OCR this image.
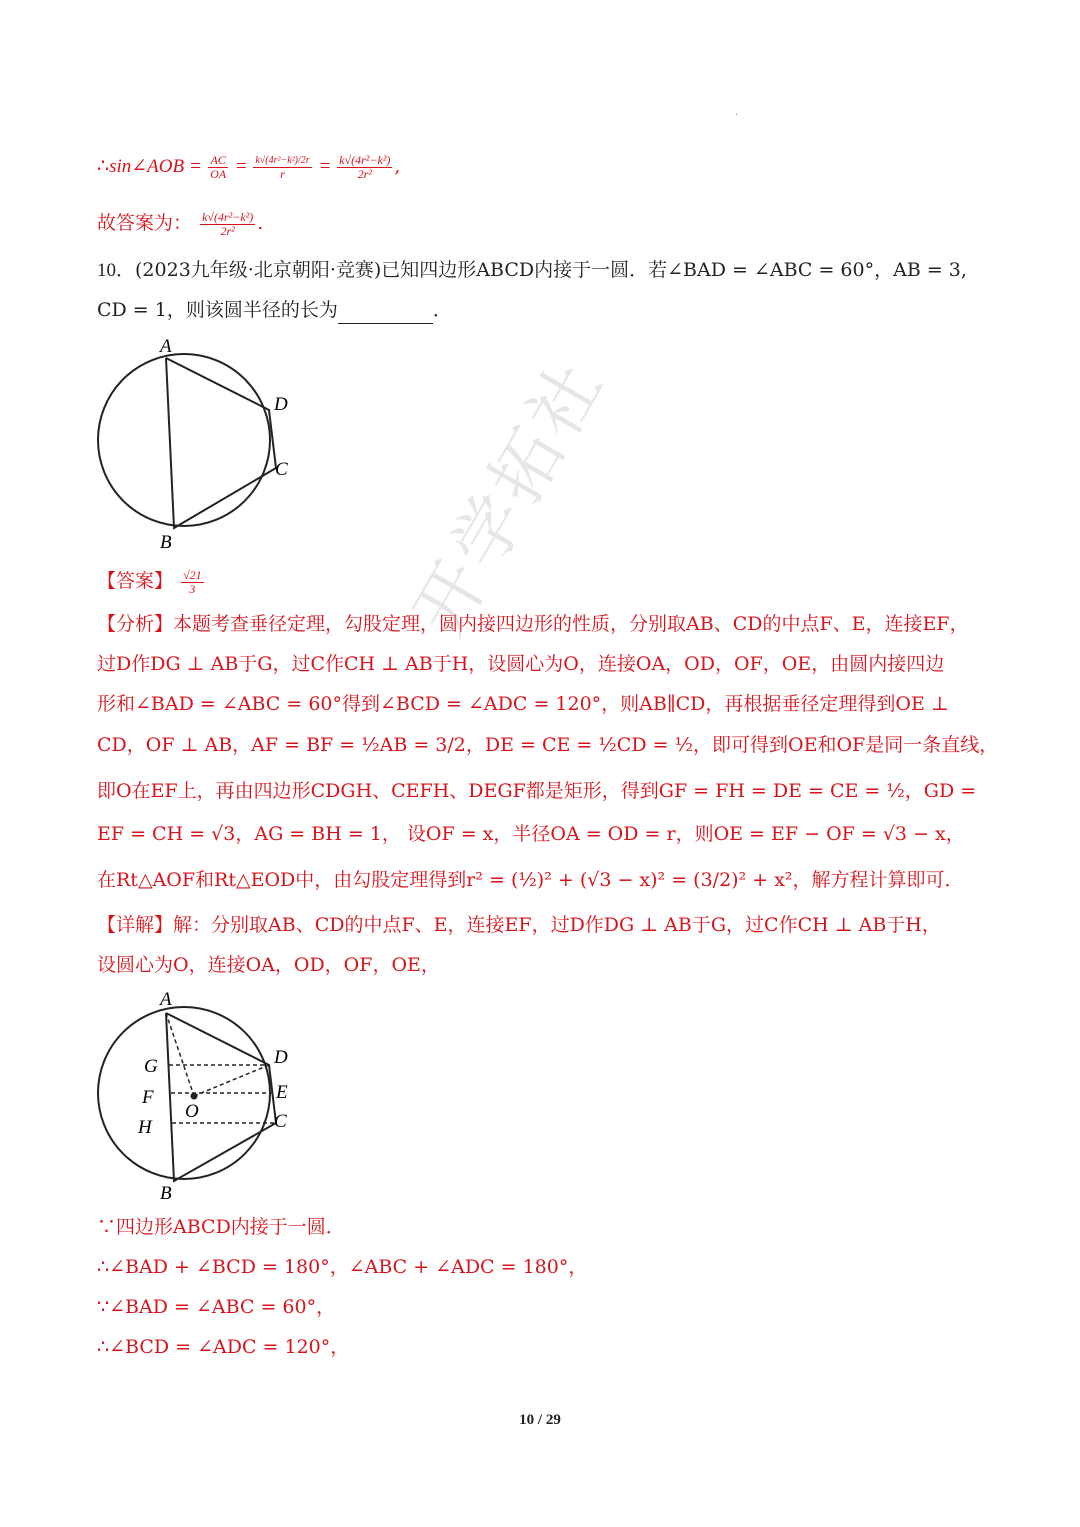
·
∴sin∠AOB = $\frac{AC}{OA} = \frac{\text{k√(4r²−k²)/2r}}{r} = \frac{\text{k√(4r²−k²)}}{\text{2r²}}$ ,
故答案为： $\frac{\text{k√(4r²−k²)}}{\text{2r²}}$ .
10．(2023九年级·北京朝阳·竞赛)已知四边形ABCD内接于一圆．若∠BAD = ∠ABC = 60°，AB = 3,
CD = 1，则该圆半径的长为	．
A
D
C
B
【答案】 $\frac{√21}{3}$
【分析】本题考查垂径定理，勾股定理，圆内接四边形的性质，分别取AB、CD的中点F、E，连接EF，
过D作DG ⊥ AB于G，过C作CH ⊥ AB于H，设圆心为O，连接OA，OD，OF，OE，由圆内接四边
形和∠BAD = ∠ABC = 60°得到∠BCD = ∠ADC = 120°，则AB∥CD，再根据垂径定理得到OE ⊥
CD，OF ⊥ AB，AF = BF = ½AB = 3/2，DE = CE = ½CD = ½，即可得到OE和OF是同一条直线，
即O在EF上，再由四边形CDGH、CEFH、DEGF都是矩形，得到GF = FH = DE = CE = ½，GD =
EF = CH = √3，AG = BH = 1， 设OF = x，半径OA = OD = r，则OE = EF − OF = √3 − x，
在Rt△AOF和Rt△EOD中，由勾股定理得到r² = (½)² + (√3 − x)² = (3/2)² + x²，解方程计算即可．
【详解】解：分别取AB、CD的中点F、E，连接EF，过D作DG ⊥ AB于G，过C作CH ⊥ AB于H，
设圆心为O，连接OA，OD，OF，OE，
A
D
E
C
B
G
F
H
O
∵四边形ABCD内接于一圆．
∴∠BAD + ∠BCD = 180°，∠ABC + ∠ADC = 180°，
∵∠BAD = ∠ABC = 60°，
∴∠BCD = ∠ADC = 120°，
开学拓社
10 / 29
